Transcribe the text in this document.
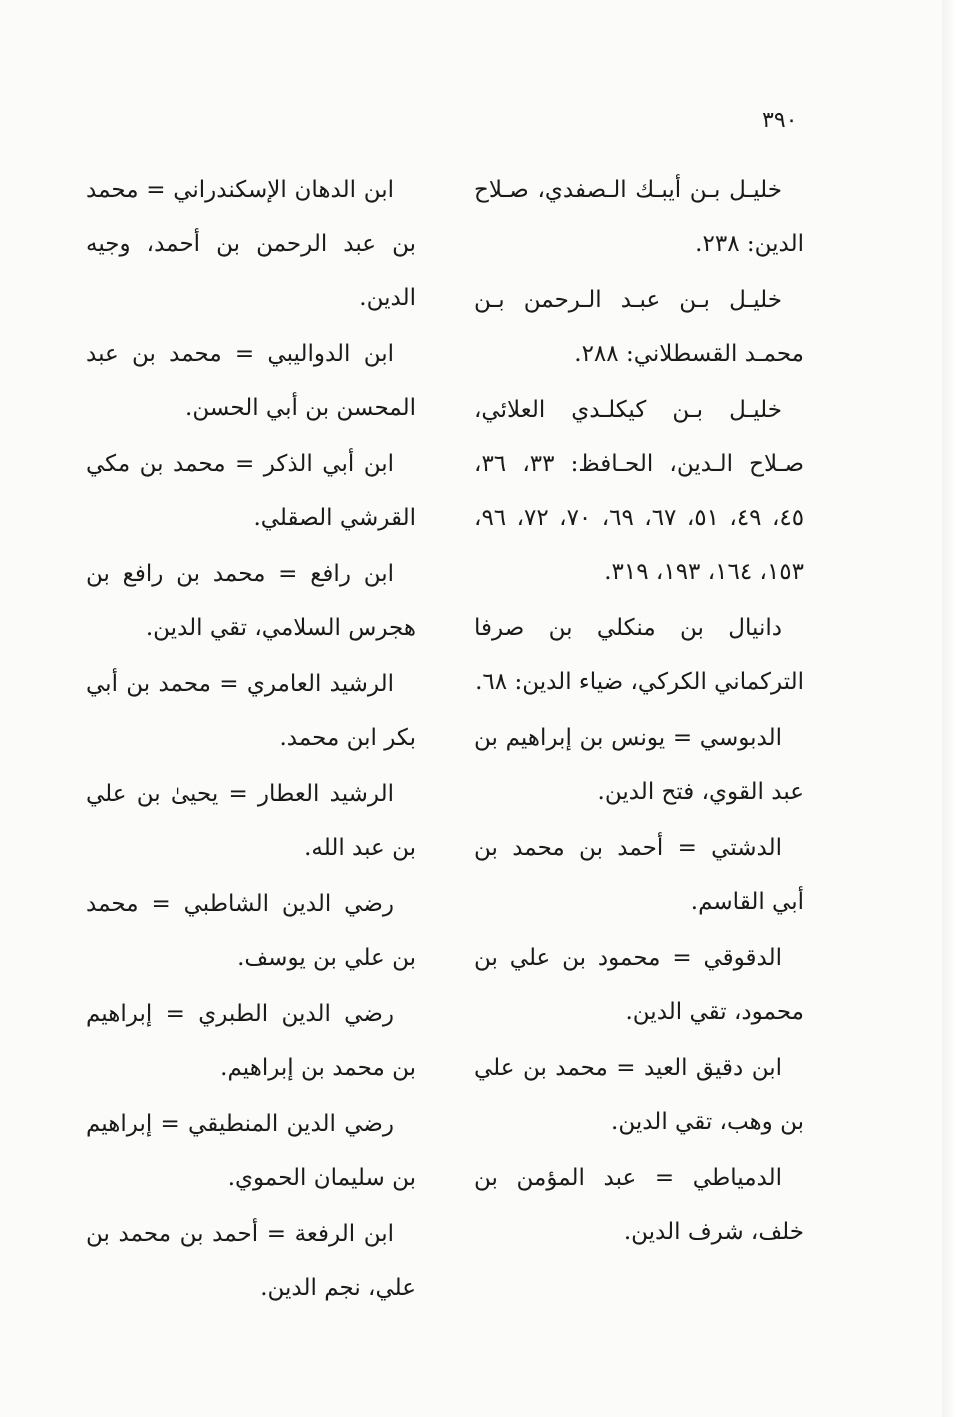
٣٩٠

خليـل بـن أيبـك الـصفدي، صـلاح الدين: ٢٣٨.

خليـل بـن عبـد الـرحمن بـن محمـد القسطلاني: ٢٨٨.

خليـل بـن كيكلـدي العلائي، صـلاح الـدين، الحـافظ: ٣٣، ٣٦، ٤٥، ٤٩، ٥١، ٦٧، ٦٩، ٧٠، ٧٢، ٩٦، ١٥٣، ١٦٤، ١٩٣، ٣١٩.

دانيال بن منكلي بن صرفا التركماني الكركي، ضياء الدين: ٦٨.

الدبوسي = يونس بن إبراهيم بن عبد القوي، فتح الدين.

الدشتي = أحمد بن محمد بن أبي القاسم.

الدقوقي = محمود بن علي بن محمود، تقي الدين.

ابن دقيق العيد = محمد بن علي بن وهب، تقي الدين.

الدمياطي = عبد المؤمن بن خلف، شرف الدين.

ابن الدهان الإسكندراني = محمد بن عبد الرحمن بن أحمد، وجيه الدين.

ابن الدواليبي = محمد بن عبد المحسن بن أبي الحسن.

ابن أبي الذكر = محمد بن مكي القرشي الصقلي.

ابن رافع = محمد بن رافع بن هجرس السلامي، تقي الدين.

الرشيد العامري = محمد بن أبي بكر ابن محمد.

الرشيد العطار = يحيىٰ بن علي بن عبد الله.

رضي الدين الشاطبي = محمد بن علي بن يوسف.

رضي الدين الطبري = إبراهيم بن محمد بن إبراهيم.

رضي الدين المنطيقي = إبراهيم بن سليمان الحموي.

ابن الرفعة = أحمد بن محمد بن علي، نجم الدين.
